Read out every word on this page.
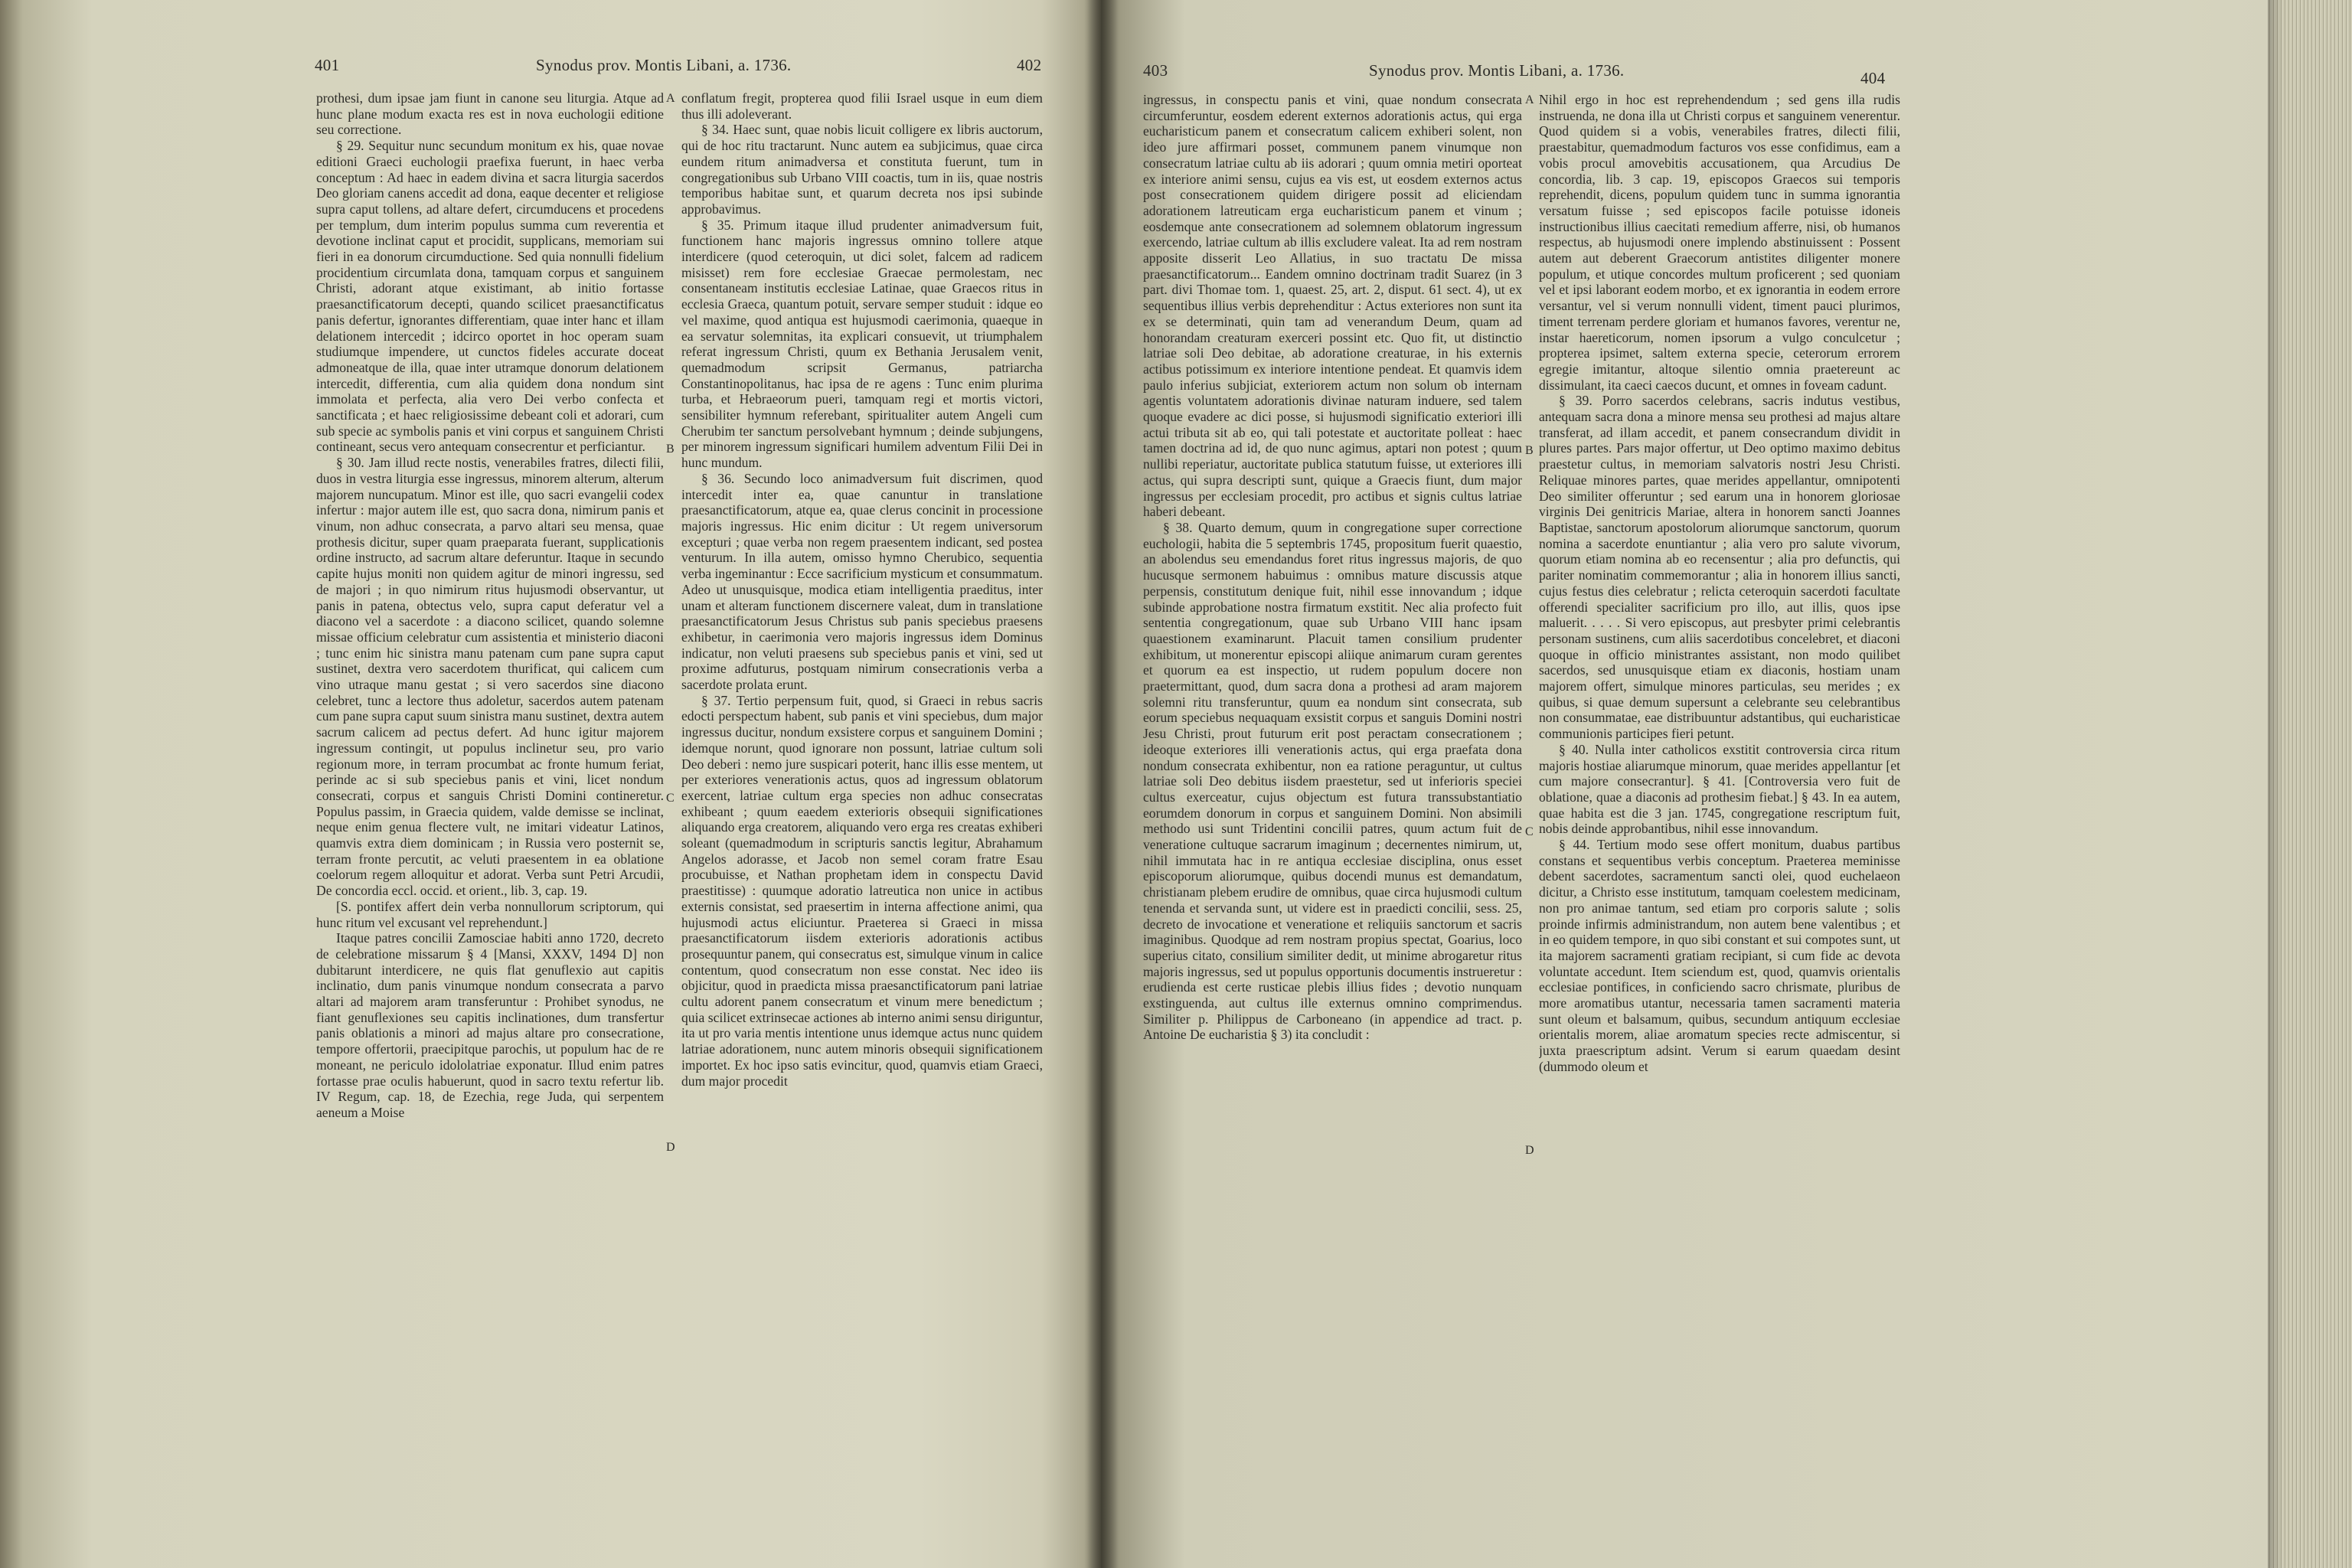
401	Synodus prov. Montis Libani, a. 1736.	402

prothesi, dum ipsae jam fiunt in canone seu liturgia. Atque ad hunc plane modum exacta res est in nova euchologii editione seu correctione.

§ 29. Sequitur nunc secundum monitum ex his, quae novae editioni Graeci euchologii praefixa fuerunt, in haec verba conceptum : Ad haec in eadem divina et sacra liturgia sacerdos Deo gloriam canens accedit ad dona, eaque decenter et religiose supra caput tollens, ad altare defert, circumducens et procedens per templum, dum interim populus summa cum reverentia et devotione inclinat caput et procidit, supplicans, memoriam sui fieri in ea donorum circumductione. Sed quia nonnulli fidelium procidentium circumlata dona, tamquam corpus et sanguinem Christi, adorant atque existimant, ab initio fortasse praesanctificatorum decepti, quando scilicet praesanctificatus panis defertur, ignorantes differentiam, quae inter hanc et illam delationem intercedit ; idcirco oportet in hoc operam suam studiumque impendere, ut cunctos fideles accurate doceat admoneatque de illa, quae inter utramque donorum delationem intercedit, differentia, cum alia quidem dona nondum sint immolata et perfecta, alia vero Dei verbo confecta et sanctificata ; et haec religiosissime debeant coli et adorari, cum sub specie ac symbolis panis et vini corpus et sanguinem Christi contineant, secus vero antequam consecrentur et perficiantur.

§ 30. Jam illud recte nostis, venerabiles fratres, dilecti filii, duos in vestra liturgia esse ingressus, minorem alterum, alterum majorem nuncupatum. Minor est ille, quo sacri evangelii codex infertur : major autem ille est, quo sacra dona, nimirum panis et vinum, non adhuc consecrata, a parvo altari seu mensa, quae prothesis dicitur, super quam praeparata fuerant, supplicationis ordine instructo, ad sacrum altare deferuntur. Itaque in secundo capite hujus moniti non quidem agitur de minori ingressu, sed de majori ; in quo nimirum ritus hujusmodi observantur, ut panis in patena, obtectus velo, supra caput deferatur vel a diacono vel a sacerdote : a diacono scilicet, quando solemne missae officium celebratur cum assistentia et ministerio diaconi ; tunc enim hic sinistra manu patenam cum pane supra caput sustinet, dextra vero sacerdotem thurificat, qui calicem cum vino utraque manu gestat ; si vero sacerdos sine diacono celebret, tunc a lectore thus adoletur, sacerdos autem patenam cum pane supra caput suum sinistra manu sustinet, dextra autem sacrum calicem ad pectus defert. Ad hunc igitur majorem ingressum contingit, ut populus inclinetur seu, pro vario regionum more, in terram procumbat ac fronte humum feriat, perinde ac si sub speciebus panis et vini, licet nondum consecrati, corpus et sanguis Christi Domini contineretur. Populus passim, in Graecia quidem, valde demisse se inclinat, neque enim genua flectere vult, ne imitari videatur Latinos, quamvis extra diem dominicam ; in Russia vero posternit se, terram fronte percutit, ac veluti praesentem in ea oblatione coelorum regem alloquitur et adorat. Verba sunt Petri Arcudii, De concordia eccl. occid. et orient., lib. 3, cap. 19.

[S. pontifex affert dein verba nonnullorum scriptorum, qui hunc ritum vel excusant vel reprehendunt.]

Itaque patres concilii Zamosciae habiti anno 1720, decreto de celebratione missarum § 4 [Mansi, XXXV, 1494 D] non dubitarunt interdicere, ne quis flat genuflexio aut capitis inclinatio, dum panis vinumque nondum consecrata a parvo altari ad majorem aram transferuntur : Prohibet synodus, ne fiant genuflexiones seu capitis inclinationes, dum transfertur panis oblationis a minori ad majus altare pro consecratione, tempore offertorii, praecipitque parochis, ut populum hac de re moneant, ne periculo idololatriae exponatur. Illud enim patres fortasse prae oculis habuerunt, quod in sacro textu refertur lib. IV Regum, cap. 18, de Ezechia, rege Juda, qui serpentem aeneum a Moise

conflatum fregit, propterea quod filii Israel usque in eum diem thus illi adoleverant.

§ 34. Haec sunt, quae nobis licuit colligere ex libris auctorum, qui de hoc ritu tractarunt. Nunc autem ea subjicimus, quae circa eundem ritum animadversa et constituta fuerunt, tum in congregationibus sub Urbano VIII coactis, tum in iis, quae nostris temporibus habitae sunt, et quarum decreta nos ipsi subinde approbavimus.

§ 35. Primum itaque illud prudenter animadversum fuit, functionem hanc majoris ingressus omnino tollere atque interdicere (quod ceteroquin, ut dici solet, falcem ad radicem misisset) rem fore ecclesiae Graecae permolestam, nec consentaneam institutis ecclesiae Latinae, quae Graecos ritus in ecclesia Graeca, quantum potuit, servare semper studuit : idque eo vel maxime, quod antiqua est hujusmodi caerimonia, quaeque in ea servatur solemnitas, ita explicari consuevit, ut triumphalem referat ingressum Christi, quum ex Bethania Jerusalem venit, quemadmodum scripsit Germanus, patriarcha Constantinopolitanus, hac ipsa de re agens : Tunc enim plurima turba, et Hebraeorum pueri, tamquam regi et mortis victori, sensibiliter hymnum referebant, spiritualiter autem Angeli cum Cherubim ter sanctum persolvebant hymnum ; deinde subjungens, per minorem ingressum significari humilem adventum Filii Dei in hunc mundum.

§ 36. Secundo loco animadversum fuit discrimen, quod intercedit inter ea, quae canuntur in translatione praesanctificatorum, atque ea, quae clerus concinit in processione majoris ingressus. Hic enim dicitur : Ut regem universorum excepturi ; quae verba non regem praesentem indicant, sed postea venturum. In illa autem, omisso hymno Cherubico, sequentia verba ingeminantur : Ecce sacrificium mysticum et consummatum. Adeo ut unusquisque, modica etiam intelligentia praeditus, inter unam et alteram functionem discernere valeat, dum in translatione praesanctificatorum Jesus Christus sub panis speciebus praesens exhibetur, in caerimonia vero majoris ingressus idem Dominus indicatur, non veluti praesens sub speciebus panis et vini, sed ut proxime adfuturus, postquam nimirum consecrationis verba a sacerdote prolata erunt.

§ 37. Tertio perpensum fuit, quod, si Graeci in rebus sacris edocti perspectum habent, sub panis et vini speciebus, dum major ingressus ducitur, nondum exsistere corpus et sanguinem Domini ; idemque norunt, quod ignorare non possunt, latriae cultum soli Deo deberi : nemo jure suspicari poterit, hanc illis esse mentem, ut per exteriores venerationis actus, quos ad ingressum oblatorum exercent, latriae cultum erga species non adhuc consecratas exhibeant ; quum eaedem exterioris obsequii significationes aliquando erga creatorem, aliquando vero erga res creatas exhiberi soleant (quemadmodum in scripturis sanctis legitur, Abrahamum Angelos adorasse, et Jacob non semel coram fratre Esau procubuisse, et Nathan prophetam idem in conspectu David praestitisse) : quumque adoratio latreutica non unice in actibus externis consistat, sed praesertim in interna affectione animi, qua hujusmodi actus eliciuntur. Praeterea si Graeci in missa praesanctificatorum iisdem exterioris adorationis actibus prosequuntur panem, qui consecratus est, simulque vinum in calice contentum, quod consecratum non esse constat. Nec ideo iis objicitur, quod in praedicta missa praesanctificatorum pani latriae cultu adorent panem consecratum et vinum mere benedictum ; quia scilicet extrinsecae actiones ab interno animi sensu diriguntur, ita ut pro varia mentis intentione unus idemque actus nunc quidem latriae adorationem, nunc autem minoris obsequii significationem importet. Ex hoc ipso satis evincitur, quod, quamvis etiam Graeci, dum major procedit

A
B
C
D
403	Synodus prov. Montis Libani, a. 1736.	404

ingressus, in conspectu panis et vini, quae nondum consecrata circumferuntur, eosdem ederent externos adorationis actus, qui erga eucharisticum panem et consecratum calicem exhiberi solent, non ideo jure affirmari posset, communem panem vinumque non consecratum latriae cultu ab iis adorari ; quum omnia metiri oporteat ex interiore animi sensu, cujus ea vis est, ut eosdem externos actus post consecrationem quidem dirigere possit ad eliciendam adorationem latreuticam erga eucharisticum panem et vinum ; eosdemque ante consecrationem ad solemnem oblatorum ingressum exercendo, latriae cultum ab illis excludere valeat. Ita ad rem nostram apposite disserit Leo Allatius, in suo tractatu De missa praesanctificatorum... Eandem omnino doctrinam tradit Suarez (in 3 part. divi Thomae tom. 1, quaest. 25, art. 2, disput. 61 sect. 4), ut ex sequentibus illius verbis deprehenditur : Actus exteriores non sunt ita ex se determinati, quin tam ad venerandum Deum, quam ad honorandam creaturam exerceri possint etc. Quo fit, ut distinctio latriae soli Deo debitae, ab adoratione creaturae, in his externis actibus potissimum ex interiore intentione pendeat. Et quamvis idem paulo inferius subjiciat, exteriorem actum non solum ob internam agentis voluntatem adorationis divinae naturam induere, sed talem quoque evadere ac dici posse, si hujusmodi significatio exteriori illi actui tributa sit ab eo, qui tali potestate et auctoritate polleat : haec tamen doctrina ad id, de quo nunc agimus, aptari non potest ; quum nullibi reperiatur, auctoritate publica statutum fuisse, ut exteriores illi actus, qui supra descripti sunt, quique a Graecis fiunt, dum major ingressus per ecclesiam procedit, pro actibus et signis cultus latriae haberi debeant.

§ 38. Quarto demum, quum in congregatione super correctione euchologii, habita die 5 septembris 1745, propositum fuerit quaestio, an abolendus seu emendandus foret ritus ingressus majoris, de quo hucusque sermonem habuimus : omnibus mature discussis atque perpensis, constitutum denique fuit, nihil esse innovandum ; idque subinde approbatione nostra firmatum exstitit. Nec alia profecto fuit sententia congregationum, quae sub Urbano VIII hanc ipsam quaestionem examinarunt. Placuit tamen consilium prudenter exhibitum, ut monerentur episcopi aliique animarum curam gerentes et quorum ea est inspectio, ut rudem populum docere non praetermittant, quod, dum sacra dona a prothesi ad aram majorem solemni ritu transferuntur, quum ea nondum sint consecrata, sub eorum speciebus nequaquam exsistit corpus et sanguis Domini nostri Jesu Christi, prout futurum erit post peractam consecrationem ; ideoque exteriores illi venerationis actus, qui erga praefata dona nondum consecrata exhibentur, non ea ratione peraguntur, ut cultus latriae soli Deo debitus iisdem praestetur, sed ut inferioris speciei cultus exerceatur, cujus objectum est futura transsubstantiatio eorumdem donorum in corpus et sanguinem Domini. Non absimili methodo usi sunt Tridentini concilii patres, quum actum fuit de veneratione cultuque sacrarum imaginum ; decernentes nimirum, ut, nihil immutata hac in re antiqua ecclesiae disciplina, onus esset episcoporum aliorumque, quibus docendi munus est demandatum, christianam plebem erudire de omnibus, quae circa hujusmodi cultum tenenda et servanda sunt, ut videre est in praedicti concilii, sess. 25, decreto de invocatione et veneratione et reliquiis sanctorum et sacris imaginibus. Quodque ad rem nostram propius spectat, Goarius, loco superius citato, consilium similiter dedit, ut minime abrogaretur ritus majoris ingressus, sed ut populus opportunis documentis instrueretur : erudienda est certe rusticae plebis illius fides ; devotio nunquam exstinguenda, aut cultus ille externus omnino comprimendus. Similiter p. Philippus de Carboneano (in appendice ad tract. p. Antoine De eucharistia § 3) ita concludit :

Nihil ergo in hoc est reprehendendum ; sed gens illa rudis instruenda, ne dona illa ut Christi corpus et sanguinem venerentur. Quod quidem si a vobis, venerabiles fratres, dilecti filii, praestabitur, quemadmodum facturos vos esse confidimus, eam a vobis procul amovebitis accusationem, qua Arcudius De concordia, lib. 3 cap. 19, episcopos Graecos sui temporis reprehendit, dicens, populum quidem tunc in summa ignorantia versatum fuisse ; sed episcopos facile potuisse idoneis instructionibus illius caecitati remedium afferre, nisi, ob humanos respectus, ab hujusmodi onere implendo abstinuissent : Possent autem aut deberent Graecorum antistites diligenter monere populum, et utique concordes multum proficerent ; sed quoniam vel et ipsi laborant eodem morbo, et ex ignorantia in eodem errore versantur, vel si verum nonnulli vident, timent pauci plurimos, timent terrenam perdere gloriam et humanos favores, verentur ne, instar haereticorum, nomen ipsorum a vulgo conculcetur ; propterea ipsimet, saltem externa specie, ceterorum errorem egregie imitantur, altoque silentio omnia praetereunt ac dissimulant, ita caeci caecos ducunt, et omnes in foveam cadunt.

§ 39. Porro sacerdos celebrans, sacris indutus vestibus, antequam sacra dona a minore mensa seu prothesi ad majus altare transferat, ad illam accedit, et panem consecrandum dividit in plures partes. Pars major offertur, ut Deo optimo maximo debitus praestetur cultus, in memoriam salvatoris nostri Jesu Christi. Reliquae minores partes, quae merides appellantur, omnipotenti Deo similiter offeruntur ; sed earum una in honorem gloriosae virginis Dei genitricis Mariae, altera in honorem sancti Joannes Baptistae, sanctorum apostolorum aliorumque sanctorum, quorum nomina a sacerdote enuntiantur ; alia vero pro salute vivorum, quorum etiam nomina ab eo recensentur ; alia pro defunctis, qui pariter nominatim commemorantur ; alia in honorem illius sancti, cujus festus dies celebratur ; relicta ceteroquin sacerdoti facultate offerendi specialiter sacrificium pro illo, aut illis, quos ipse maluerit. . . . . Si vero episcopus, aut presbyter primi celebrantis personam sustinens, cum aliis sacerdotibus concelebret, et diaconi quoque in officio ministrantes assistant, non modo quilibet sacerdos, sed unusquisque etiam ex diaconis, hostiam unam majorem offert, simulque minores particulas, seu merides ; ex quibus, si quae demum supersunt a celebrante seu celebrantibus non consummatae, eae distribuuntur adstantibus, qui eucharisticae communionis participes fieri petunt.

§ 40. Nulla inter catholicos exstitit controversia circa ritum majoris hostiae aliarumque minorum, quae merides appellantur [et cum majore consecrantur]. § 41. [Controversia vero fuit de oblatione, quae a diaconis ad prothesim fiebat.] § 43. In ea autem, quae habita est die 3 jan. 1745, congregatione rescriptum fuit, nobis deinde approbantibus, nihil esse innovandum.

§ 44. Tertium modo sese offert monitum, duabus partibus constans et sequentibus verbis conceptum. Praeterea meminisse debent sacerdotes, sacramentum sancti olei, quod euchelaeon dicitur, a Christo esse institutum, tamquam coelestem medicinam, non pro animae tantum, sed etiam pro corporis salute ; solis proinde infirmis administrandum, non autem bene valentibus ; et in eo quidem tempore, in quo sibi constant et sui compotes sunt, ut ita majorem sacramenti gratiam recipiant, si cum fide ac devota voluntate accedunt. Item sciendum est, quod, quamvis orientalis ecclesiae pontifices, in conficiendo sacro chrismate, pluribus de more aromatibus utantur, necessaria tamen sacramenti materia sunt oleum et balsamum, quibus, secundum antiquum ecclesiae orientalis morem, aliae aromatum species recte admiscentur, si juxta praescriptum adsint. Verum si earum quaedam desint (dummodo oleum et

A
B
C
D
